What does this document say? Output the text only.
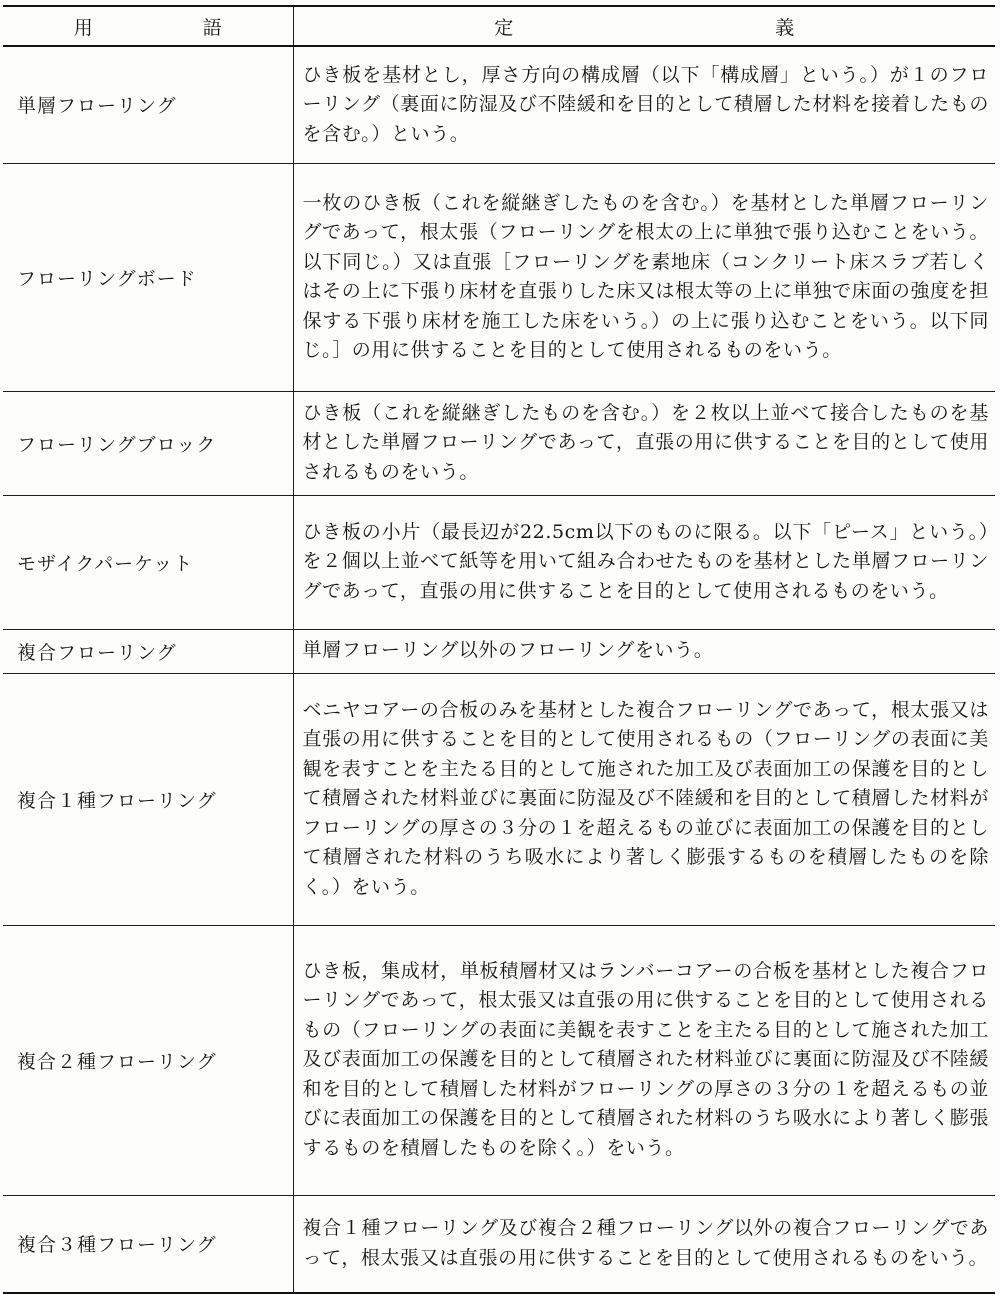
用 語	定 義

単層フローリング	ひき板を基材とし，厚さ方向の構成層（以下「構成層」という。）が１のフローリング（裏面に防湿及び不陸緩和を目的として積層した材料を接着したものを含む。）という。
フローリングボード	一枚のひき板（これを縦継ぎしたものを含む。）を基材とした単層フローリングであって，根太張（フローリングを根太の上に単独で張り込むことをいう。以下同じ。）又は直張［フローリングを素地床（コンクリート床スラブ若しくはその上に下張り床材を直張りした床又は根太等の上に単独で床面の強度を担保する下張り床材を施工した床をいう。）の上に張り込むことをいう。以下同じ。］の用に供することを目的として使用されるものをいう。
フローリングブロック	ひき板（これを縦継ぎしたものを含む。）を２枚以上並べて接合したものを基材とした単層フローリングであって，直張の用に供することを目的として使用されるものをいう。
モザイクパーケット	ひき板の小片（最長辺が22.5cm以下のものに限る。以下「ピース」という。）を２個以上並べて紙等を用いて組み合わせたものを基材とした単層フローリングであって，直張の用に供することを目的として使用されるものをいう。
複合フローリング	単層フローリング以外のフローリングをいう。
複合１種フローリング	ベニヤコアーの合板のみを基材とした複合フローリングであって，根太張又は直張の用に供することを目的として使用されるもの（フローリングの表面に美観を表すことを主たる目的として施された加工及び表面加工の保護を目的として積層された材料並びに裏面に防湿及び不陸緩和を目的として積層した材料がフローリングの厚さの３分の１を超えるもの並びに表面加工の保護を目的として積層された材料のうち吸水により著しく膨張するものを積層したものを除く。）をいう。
複合２種フローリング	ひき板，集成材，単板積層材又はランバーコアーの合板を基材とした複合フローリングであって，根太張又は直張の用に供することを目的として使用されるもの（フローリングの表面に美観を表すことを主たる目的として施された加工及び表面加工の保護を目的として積層された材料並びに裏面に防湿及び不陸緩和を目的として積層した材料がフローリングの厚さの３分の１を超えるもの並びに表面加工の保護を目的として積層された材料のうち吸水により著しく膨張するものを積層したものを除く。）をいう。
複合３種フローリング	複合１種フローリング及び複合２種フローリング以外の複合フローリングであって，根太張又は直張の用に供することを目的として使用されるものをいう。
